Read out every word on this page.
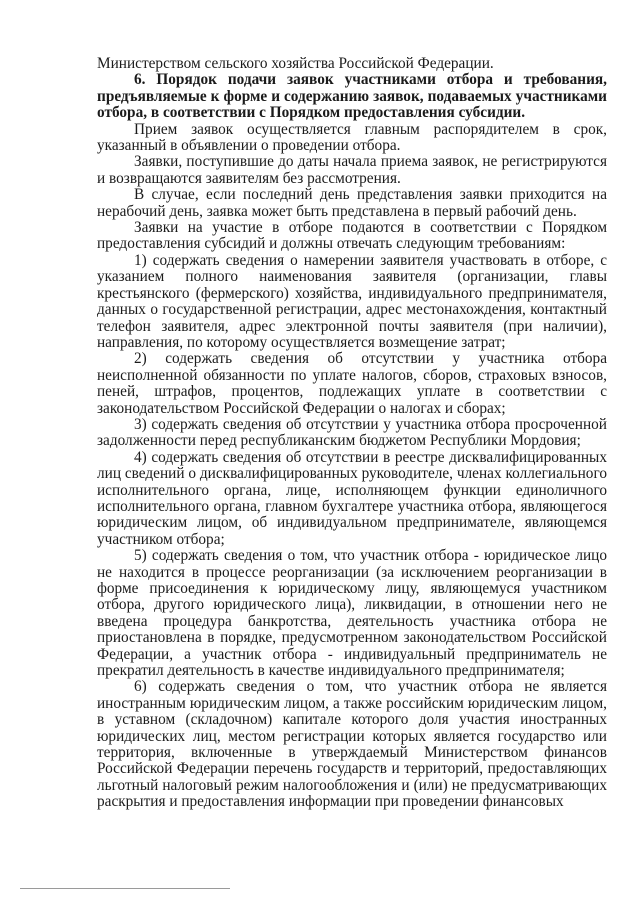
Министерством сельского хозяйства Российской Федерации.

6. Порядок подачи заявок участниками отбора и требования, предъявляемые к форме и содержанию заявок, подаваемых участниками отбора, в соответствии с Порядком предоставления субсидии.

Прием заявок осуществляется главным распорядителем в срок, указанный в объявлении о проведении отбора.

Заявки, поступившие до даты начала приема заявок, не регистрируются и возвращаются заявителям без рассмотрения.

В случае, если последний день представления заявки приходится на нерабочий день, заявка может быть представлена в первый рабочий день.

Заявки на участие в отборе подаются в соответствии с Порядком предоставления субсидий и должны отвечать следующим требованиям:

1) содержать сведения о намерении заявителя участвовать в отборе, с указанием полного наименования заявителя (организации, главы крестьянского (фермерского) хозяйства, индивидуального предпринимателя, данных о государственной регистрации, адрес местонахождения, контактный телефон заявителя, адрес электронной почты заявителя (при наличии), направления, по которому осуществляется возмещение затрат;

2) содержать сведения об отсутствии у участника отбора неисполненной обязанности по уплате налогов, сборов, страховых взносов, пеней, штрафов, процентов, подлежащих уплате в соответствии с законодательством Российской Федерации о налогах и сборах;

3) содержать сведения об отсутствии у участника отбора просроченной задолженности перед республиканским бюджетом Республики Мордовия;

4) содержать сведения об отсутствии в реестре дисквалифицированных лиц сведений о дисквалифицированных руководителе, членах коллегиального исполнительного органа, лице, исполняющем функции единоличного исполнительного органа, главном бухгалтере участника отбора, являющегося юридическим лицом, об индивидуальном предпринимателе, являющемся участником отбора;

5) содержать сведения о том, что участник отбора - юридическое лицо не находится в процессе реорганизации (за исключением реорганизации в форме присоединения к юридическому лицу, являющемуся участником отбора, другого юридического лица), ликвидации, в отношении него не введена процедура банкротства, деятельность участника отбора не приостановлена в порядке, предусмотренном законодательством Российской Федерации, а участник отбора - индивидуальный предприниматель не прекратил деятельность в качестве индивидуального предпринимателя;

6) содержать сведения о том, что участник отбора не является иностранным юридическим лицом, а также российским юридическим лицом, в уставном (складочном) капитале которого доля участия иностранных юридических лиц, местом регистрации которых является государство или территория, включенные в утверждаемый Министерством финансов Российской Федерации перечень государств и территорий, предоставляющих льготный налоговый режим налогообложения и (или) не предусматривающих раскрытия и предоставления информации при проведении финансовых
